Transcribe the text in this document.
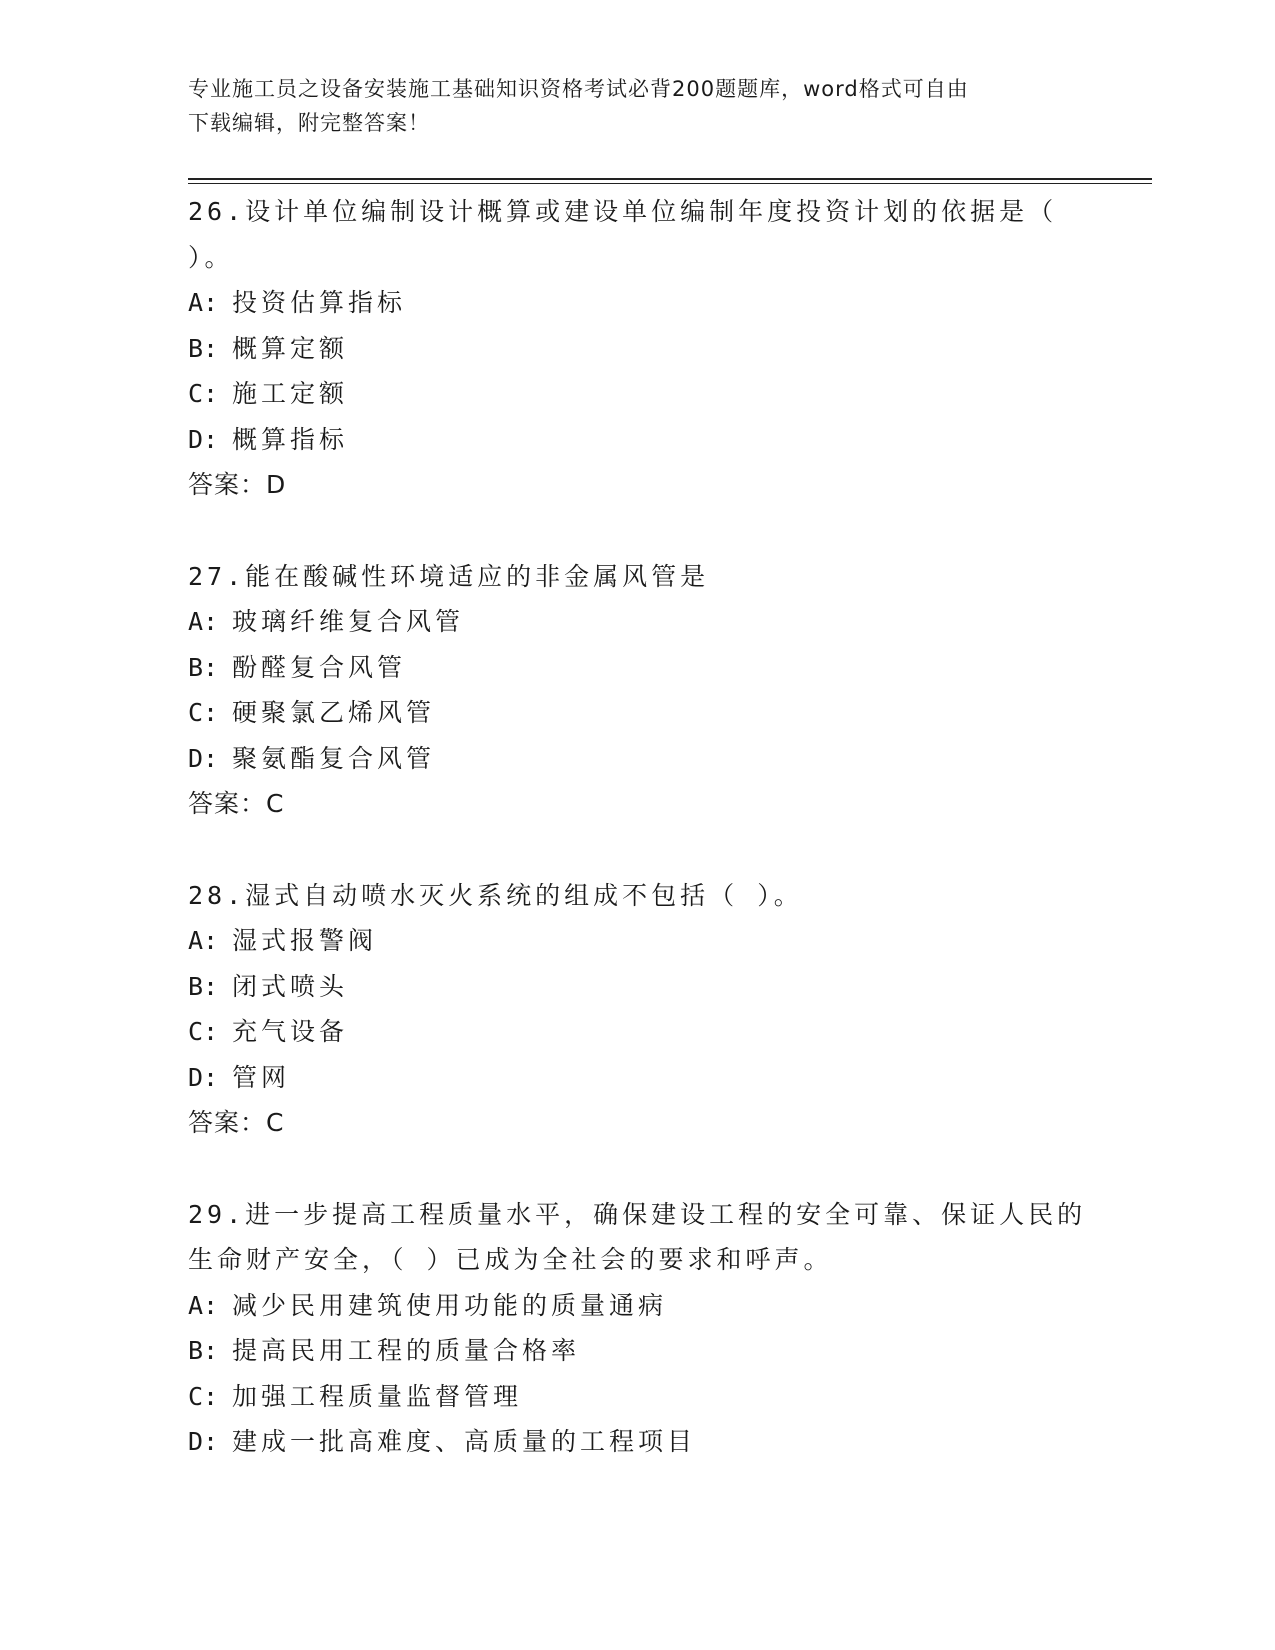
专业施工员之设备安装施工基础知识资格考试必背200题题库，word格式可自由
下载编辑，附完整答案！
26.设计单位编制设计概算或建设单位编制年度投资计划的依据是（
）。
A: 投资估算指标
B: 概算定额
C: 施工定额
D: 概算指标
答案：D
27.能在酸碱性环境适应的非金属风管是
A: 玻璃纤维复合风管
B: 酚醛复合风管
C: 硬聚氯乙烯风管
D: 聚氨酯复合风管
答案：C
28.湿式自动喷水灭火系统的组成不包括（ ）。
A: 湿式报警阀
B: 闭式喷头
C: 充气设备
D: 管网
答案：C
29.进一步提高工程质量水平，确保建设工程的安全可靠、保证人民的
生命财产安全，（ ）已成为全社会的要求和呼声。
A: 减少民用建筑使用功能的质量通病
B: 提高民用工程的质量合格率
C: 加强工程质量监督管理
D: 建成一批高难度、高质量的工程项目
